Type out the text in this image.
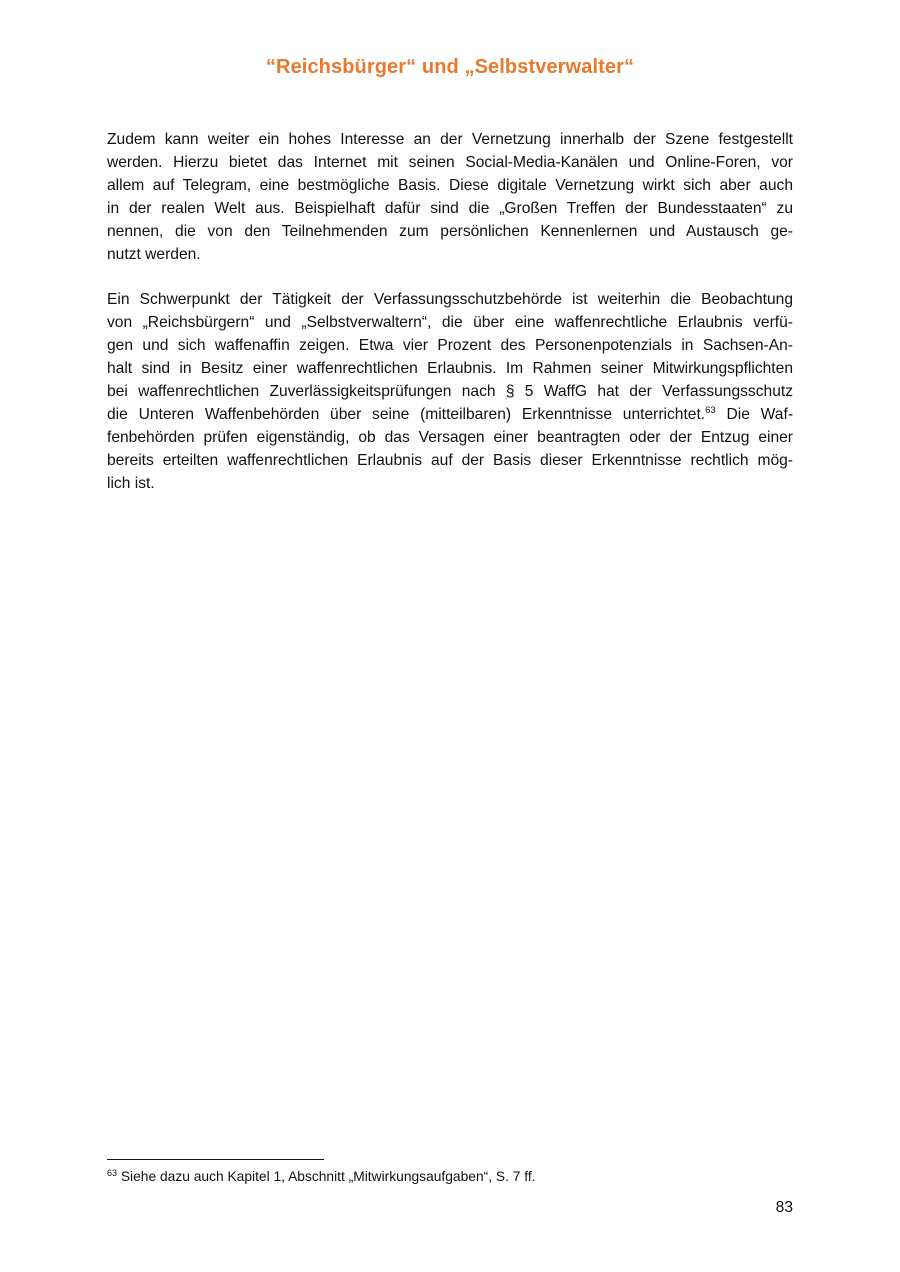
“Reichsbürger“ und „Selbstverwalter“
Zudem kann weiter ein hohes Interesse an der Vernetzung innerhalb der Szene festgestellt
werden. Hierzu bietet das Internet mit seinen Social-Media-Kanälen und Online-Foren, vor
allem auf Telegram, eine bestmögliche Basis. Diese digitale Vernetzung wirkt sich aber auch
in der realen Welt aus. Beispielhaft dafür sind die „Großen Treffen der Bundesstaaten“ zu
nennen, die von den Teilnehmenden zum persönlichen Kennenlernen und Austausch ge-
nutzt werden.
Ein Schwerpunkt der Tätigkeit der Verfassungsschutzbehörde ist weiterhin die Beobachtung
von „Reichsbürgern“ und „Selbstverwaltern“, die über eine waffenrechtliche Erlaubnis verfü-
gen und sich waffenaffin zeigen. Etwa vier Prozent des Personenpotenzials in Sachsen-An-
halt sind in Besitz einer waffenrechtlichen Erlaubnis. Im Rahmen seiner Mitwirkungspflichten
bei waffenrechtlichen Zuverlässigkeitsprüfungen nach § 5 WaffG hat der Verfassungsschutz
die Unteren Waffenbehörden über seine (mitteilbaren) Erkenntnisse unterrichtet.$^{63}$ Die Waf-
fenbehörden prüfen eigenständig, ob das Versagen einer beantragten oder der Entzug einer
bereits erteilten waffenrechtlichen Erlaubnis auf der Basis dieser Erkenntnisse rechtlich mög-
lich ist.
$^{63}$ Siehe dazu auch Kapitel 1, Abschnitt „Mitwirkungsaufgaben“, S. 7 ff.
83
